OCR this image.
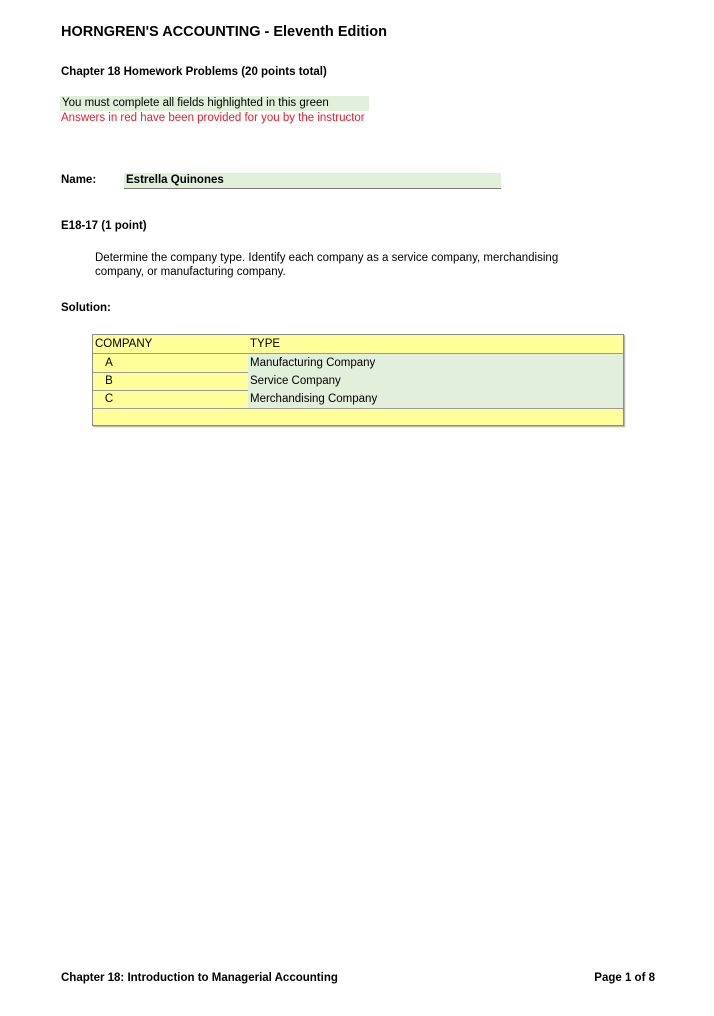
HORNGREN'S ACCOUNTING - Eleventh Edition
Chapter 18 Homework Problems (20 points total)
You must complete all fields highlighted in this green
Answers in red have been provided for you by the instructor
Name:	Estrella Quinones
E18-17 (1 point)
Determine the company type. Identify each company as a service company, merchandising company, or manufacturing company.
Solution:
COMPANY	TYPE
A	Manufacturing Company
B	Service Company
C	Merchandising Company
Chapter 18: Introduction to Managerial Accounting	Page 1 of 8
